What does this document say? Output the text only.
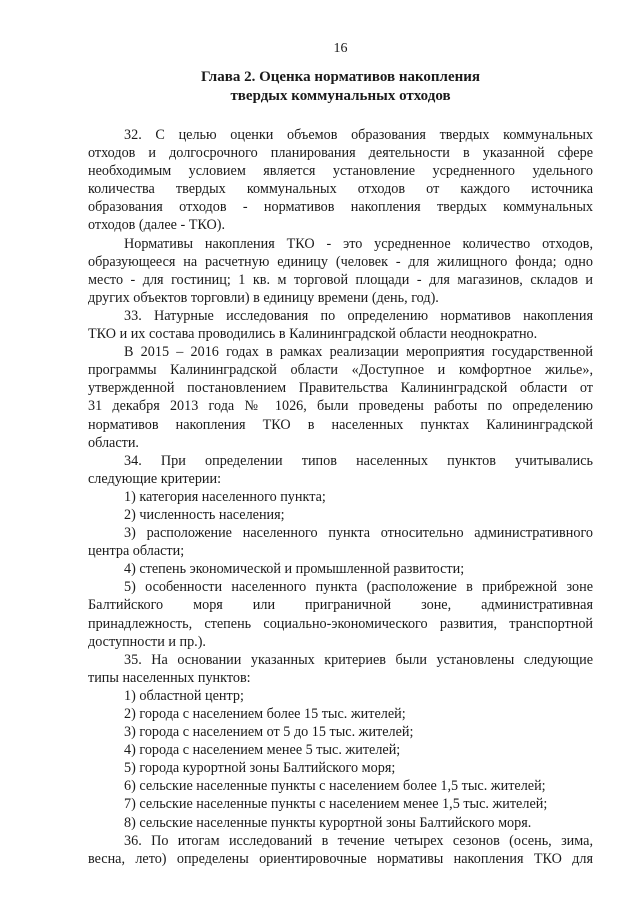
16
Глава 2. Оценка нормативов накопления
твердых коммунальных отходов
32. С целью оценки объемов образования твердых коммунальных
отходов и долгосрочного планирования деятельности в указанной сфере
необходимым условием является установление усредненного удельного
количества твердых коммунальных отходов от каждого источника
образования отходов - нормативов накопления твердых коммунальных
отходов (далее - ТКО).
Нормативы накопления ТКО - это усредненное количество отходов,
образующееся на расчетную единицу (человек - для жилищного фонда; одно
место - для гостиниц; 1 кв. м торговой площади - для магазинов, складов и
других объектов торговли) в единицу времени (день, год).
33. Натурные исследования по определению нормативов накопления
ТКО и их состава проводились в Калининградской области неоднократно.
В 2015 – 2016 годах в рамках реализации мероприятия государственной
программы Калининградской области «Доступное и комфортное жилье»,
утвержденной постановлением Правительства Калининградской области от
31 декабря 2013 года № 1026, были проведены работы по определению
нормативов накопления ТКО в населенных пунктах Калининградской
области.
34. При определении типов населенных пунктов учитывались
следующие критерии:
1) категория населенного пункта;
2) численность населения;
3) расположение населенного пункта относительно административного
центра области;
4) степень экономической и промышленной развитости;
5) особенности населенного пункта (расположение в прибрежной зоне
Балтийского моря или приграничной зоне, административная
принадлежность, степень социально-экономического развития, транспортной
доступности и пр.).
35. На основании указанных критериев были установлены следующие
типы населенных пунктов:
1) областной центр;
2) города с населением более 15 тыс. жителей;
3) города с населением от 5 до 15 тыс. жителей;
4) города с населением менее 5 тыс. жителей;
5) города курортной зоны Балтийского моря;
6) сельские населенные пункты с населением более 1,5 тыс. жителей;
7) сельские населенные пункты с населением менее 1,5 тыс. жителей;
8) сельские населенные пункты курортной зоны Балтийского моря.
36. По итогам исследований в течение четырех сезонов (осень, зима,
весна, лето) определены ориентировочные нормативы накопления ТКО для
